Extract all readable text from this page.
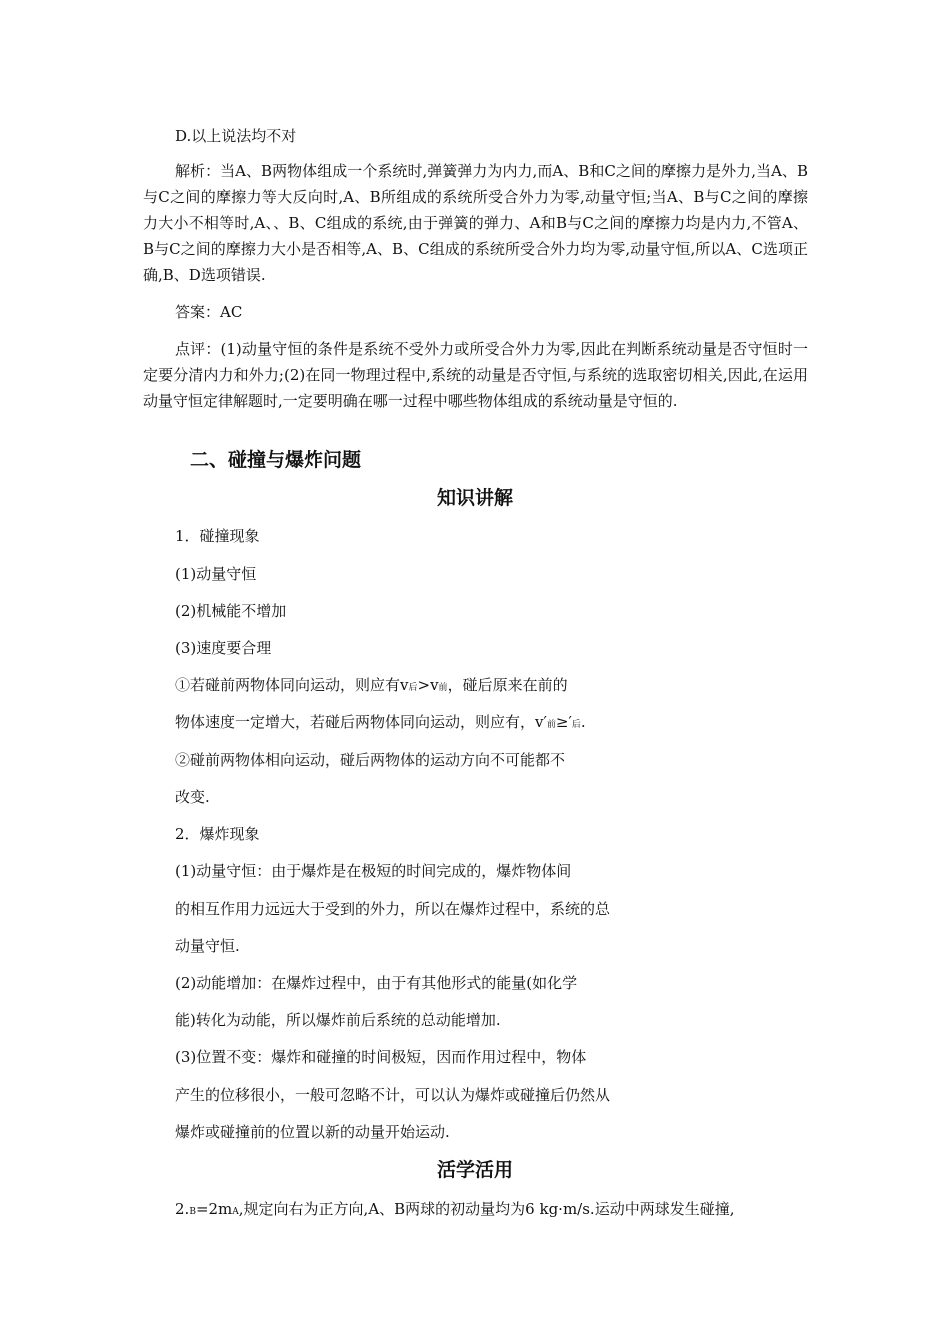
D.以上说法均不对
解析：当A、B两物体组成一个系统时,弹簧弹力为内力,而A、B和C之间的摩擦力是外力,当A、B与C之间的摩擦力等大反向时,A、B所组成的系统所受合外力为零,动量守恒;当A、B与C之间的摩擦力大小不相等时,A、、B、C组成的系统,由于弹簧的弹力、A和B与C之间的摩擦力均是内力,不管A、B与C之间的摩擦力大小是否相等,A、B、C组成的系统所受合外力均为零,动量守恒,所以A、C选项正确,B、D选项错误.
答案：AC
点评：(1)动量守恒的条件是系统不受外力或所受合外力为零,因此在判断系统动量是否守恒时一定要分清内力和外力;(2)在同一物理过程中,系统的动量是否守恒,与系统的选取密切相关,因此,在运用动量守恒定律解题时,一定要明确在哪一过程中哪些物体组成的系统动量是守恒的.
二、碰撞与爆炸问题
知识讲解
1．碰撞现象
(1)动量守恒
(2)机械能不增加
(3)速度要合理
①若碰前两物体同向运动，则应有v后>v前，碰后原来在前的
物体速度一定增大，若碰后两物体同向运动，则应有，v′前≥′后.
②碰前两物体相向运动，碰后两物体的运动方向不可能都不
改变.
2．爆炸现象
(1)动量守恒：由于爆炸是在极短的时间完成的，爆炸物体间
的相互作用力远远大于受到的外力，所以在爆炸过程中，系统的总
动量守恒.
(2)动能增加：在爆炸过程中，由于有其他形式的能量(如化学
能)转化为动能，所以爆炸前后系统的总动能增加.
(3)位置不变：爆炸和碰撞的时间极短，因而作用过程中，物体
产生的位移很小，一般可忽略不计，可以认为爆炸或碰撞后仍然从
爆炸或碰撞前的位置以新的动量开始运动.
活学活用
2.B=2mA,规定向右为正方向,A、B两球的初动量均为6 kg·m/s.运动中两球发生碰撞,
